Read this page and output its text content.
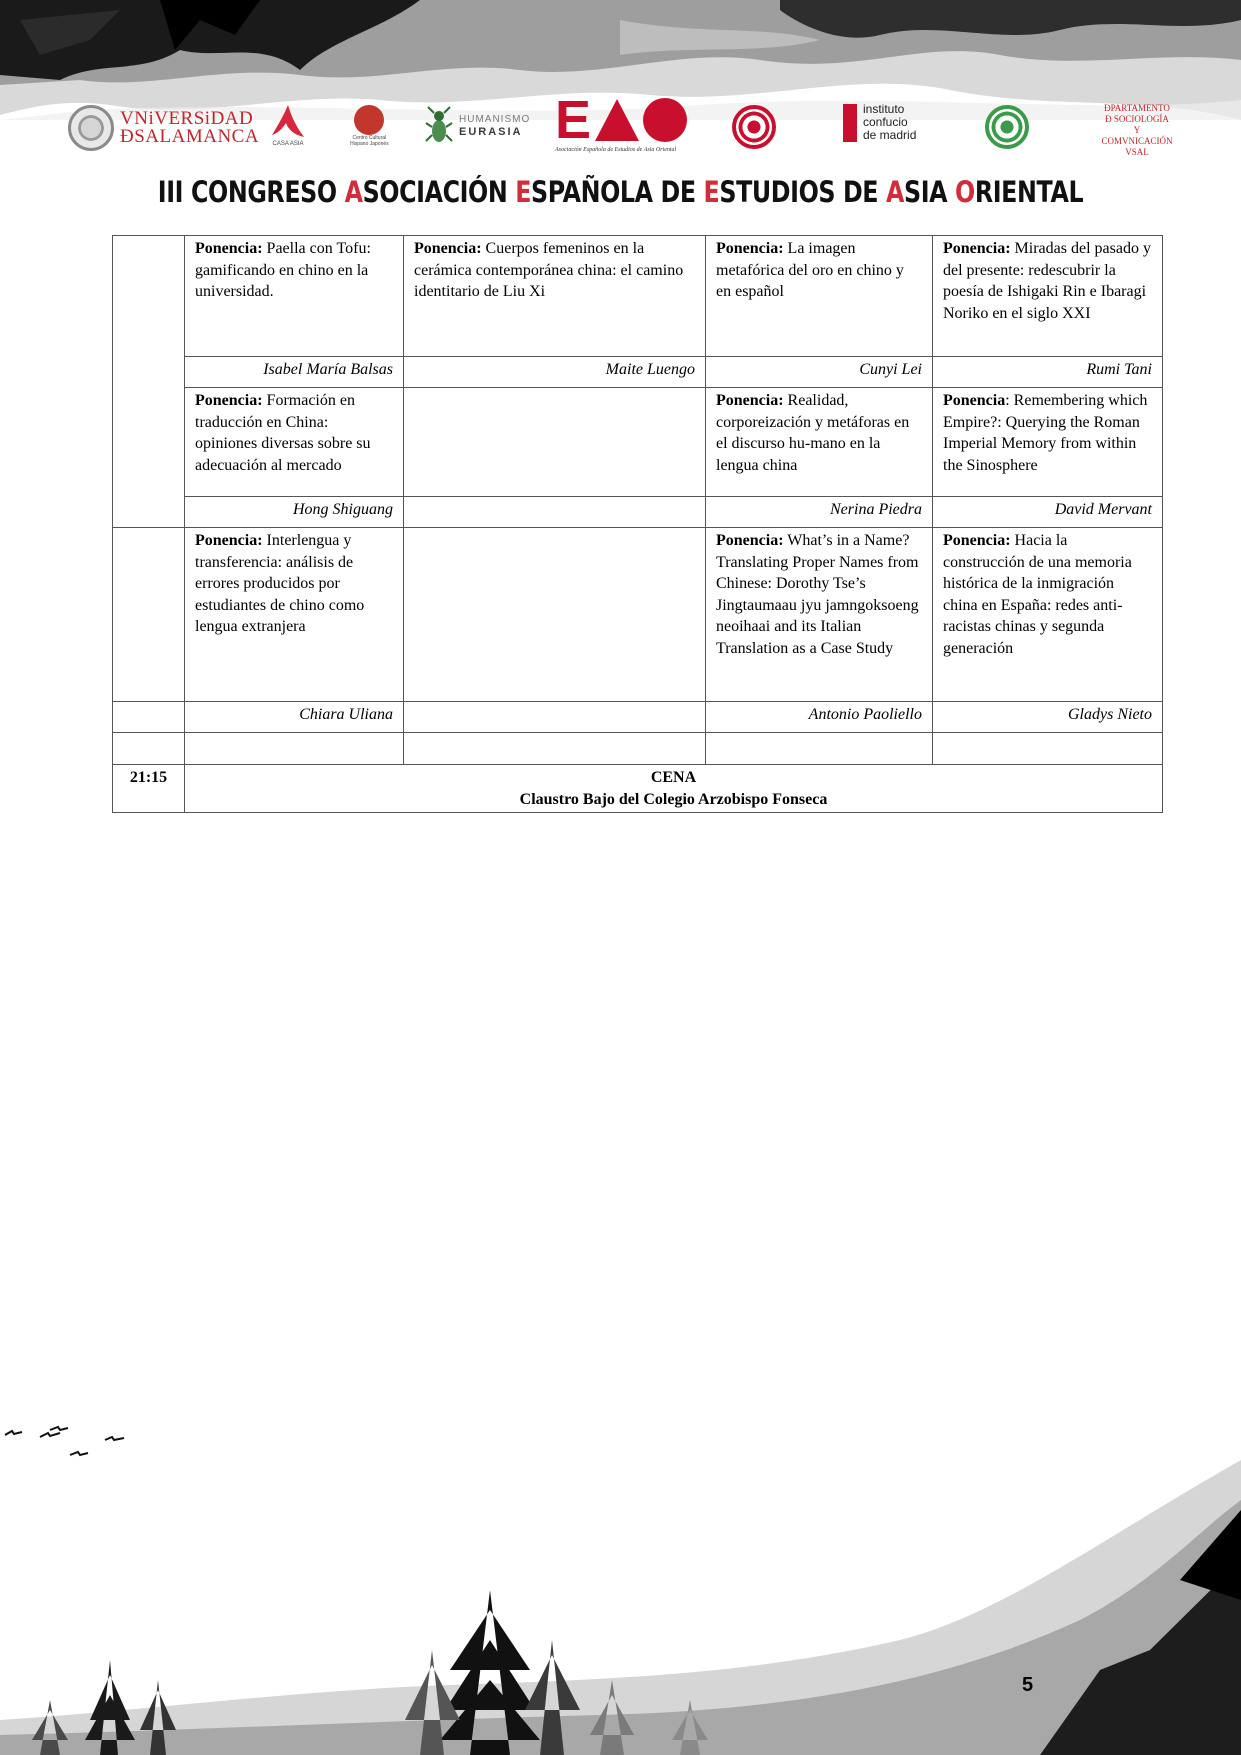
VNiVERSiDAD
ÐSALAMANCA CASA ASIA
Centro Cultural
Hispano Japonés
HUMANISMO
EURASIA E
Asociación Española de Estudios de Asia Oriental
instituto
confucio
de madrid
ÐPARTAMENTO
Ð SOCIOLOGÍA
Y COMVNICACIÓN
VSAL
III CONGRESO ASOCIACIÓN ESPAÑOLA DE ESTUDIOS DE ASIA ORIENTAL
	Ponencia: Paella con Tofu: gamificando en chino en la universidad.	Ponencia: Cuerpos femeninos en la cerámica contemporánea china: el camino identitario de Liu Xi	Ponencia: La imagen metafórica del oro en chino y en español	Ponencia: Miradas del pasado y del presente: redescubrir la poesía de Ishigaki Rin e Ibaragi Noriko en el siglo XXI
	Isabel María Balsas	Maite Luengo	Cunyi Lei	Rumi Tani
	Ponencia: Formación en traducción en China: opiniones diversas sobre su adecuación al mercado		Ponencia: Realidad, corporeización y metáforas en el discurso hu-mano en la lengua china	Ponencia: Remembering which Empire?: Querying the Roman Imperial Memory from within the Sinosphere
	Hong Shiguang		Nerina Piedra	David Mervant
	Ponencia: Interlengua y transferencia: análisis de errores producidos por estudiantes de chino como lengua extranjera		Ponencia: What’s in a Name? Translating Proper Names from Chinese: Dorothy Tse’s Jingtaumaau jyu jamngoksoeng neoihaai and its Italian Translation as a Case Study	Ponencia: Hacia la construcción de una memoria histórica de la inmigración china en España: redes anti-racistas chinas y segunda generación
	Chiara Uliana		Antonio Paoliello	Gladys Nieto

21:15	CENA
Claustro Bajo del Colegio Arzobispo Fonseca			
5
